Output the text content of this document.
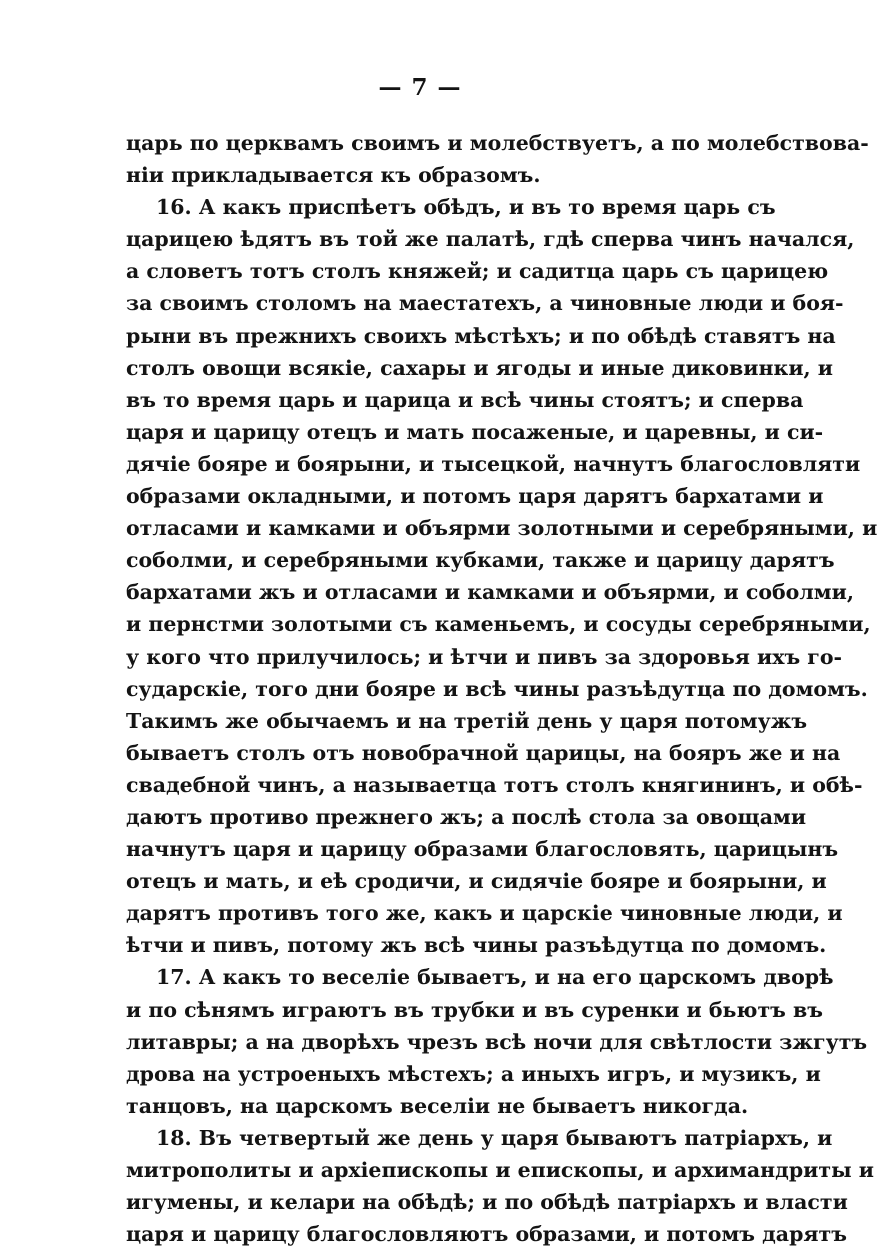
— 7 —
царь по церквамъ своимъ и молебствуетъ, а по молебствова-
нiи прикладывается къ образомъ.
16. А какъ приспѣетъ обѣдъ, и въ то время царь съ
царицею ѣдятъ въ той же палатѣ, гдѣ сперва чинъ начался,
а словетъ тотъ столъ княжей; и садитца царь съ царицею
за своимъ столомъ на маестатехъ, а чиновные люди и боя-
рыни въ прежнихъ своихъ мѣстѣхъ; и по обѣдѣ ставятъ на
столъ овощи всякіе, сахары и ягоды и иные диковинки, и
въ то время царь и царица и всѣ чины стоятъ; и сперва
царя и царицу отецъ и мать посаженые, и царевны, и си-
дячіе бояре и боярыни, и тысецкой, начнутъ благословляти
образами окладными, и потомъ царя дарятъ бархатами и
отласами и камками и объярми золотными и серебряными, и
соболми, и серебряными кубками, также и царицу дарятъ
бархатами жъ и отласами и камками и объярми, и соболми,
и пернстми золотыми съ каменьемъ, и сосуды серебряными,
у кого что прилучилось; и ѣтчи и пивъ за здоровья ихъ го-
сударскіе, того дни бояре и всѣ чины разъѣдутца по домомъ.
Такимъ же обычаемъ и на третій день у царя потомужъ
бываетъ столъ отъ новобрачной царицы, на бояръ же и на
свадебной чинъ, а называетца тотъ столъ княгининъ, и обѣ-
даютъ противо прежнего жъ; а послѣ стола за овощами
начнутъ царя и царицу образами благословять, царицынъ
отецъ и мать, и еѣ сродичи, и сидячіе бояре и боярыни, и
дарятъ противъ того же, какъ и царскіе чиновные люди, и
ѣтчи и пивъ, потому жъ всѣ чины разъѣдутца по домомъ.
17. А какъ то веселіе бываетъ, и на его царскомъ дворѣ
и по сѣнямъ играютъ въ трубки и въ суренки и бьютъ въ
литавры; а на дворѣхъ чрезъ всѣ ночи для свѣтлости зжгутъ
дрова на устроеныхъ мѣстехъ; а иныхъ игръ, и музикъ, и
танцовъ, на царскомъ веселіи не бываетъ никогда.
18. Въ четвертый же день у царя бываютъ патріархъ, и
митрополиты и архіепископы и епископы, и архимандриты и
игумены, и келари на обѣдѣ; и по обѣдѣ патріархъ и власти
царя и царицу благословляютъ образами, и потомъ дарятъ
